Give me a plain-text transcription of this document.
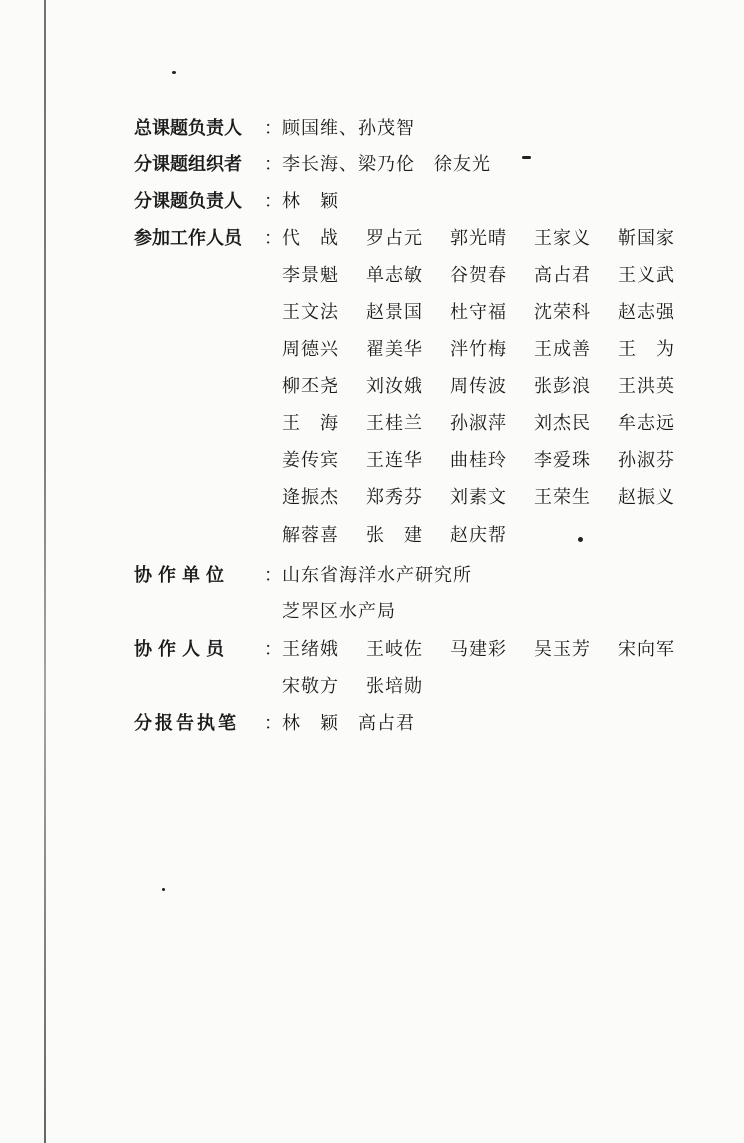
总课题负责人	： 顾国维、孙茂智
分课题组织者	： 李长海、梁乃伦　徐友光
分课题负责人	： 林　颖
参加工作人员	： 代　战	罗占元	郭光晴	王家义	靳国家
李景魁	单志敏	谷贺春	高占君	王义武
王文法	赵景国	杜守福	沈荣科	赵志强
周德兴	翟美华	泮竹梅	王成善	王　为
柳丕尧	刘汝娥	周传波	张彭浪	王洪英
王　海	王桂兰	孙淑萍	刘杰民	牟志远
姜传宾	王连华	曲桂玲	李爱珠	孙淑芬
逄振杰	郑秀芬	刘素文	王荣生	赵振义
解蓉喜	张　建	赵庆帮
协作单位	： 山东省海洋水产研究所
芝罘区水产局
协作人员	： 王绪娥	王岐佐	马建彩	吴玉芳	宋向军
宋敬方	张培勋
分报告执笔	： 林　颖　高占君
